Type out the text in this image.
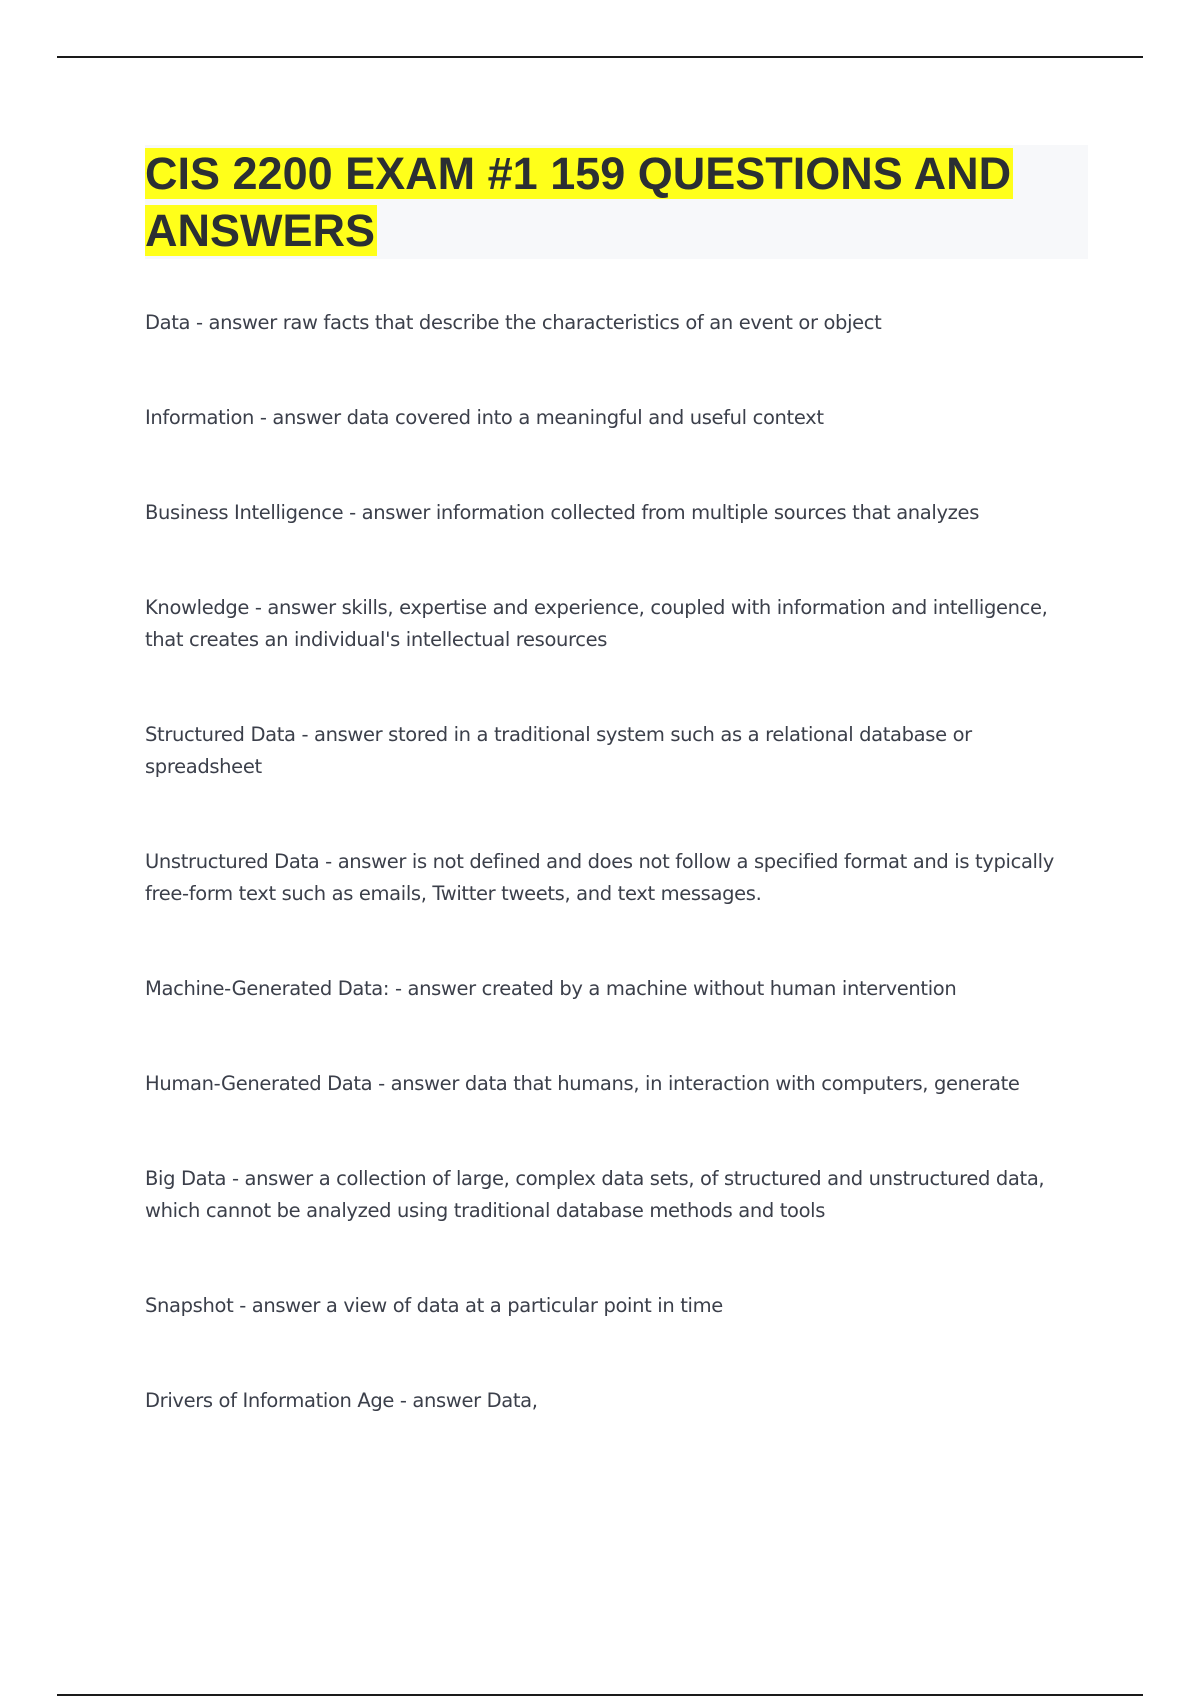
CIS 2200 EXAM #1 159 QUESTIONS AND ANSWERS
Data - answer raw facts that describe the characteristics of an event or object
Information - answer data covered into a meaningful and useful context
Business Intelligence - answer information collected from multiple sources that analyzes
Knowledge - answer skills, expertise and experience, coupled with information and intelligence, that creates an individual's intellectual resources
Structured Data - answer stored in a traditional system such as a relational database or spreadsheet
Unstructured Data - answer is not defined and does not follow a specified format and is typically free-form text such as emails, Twitter tweets, and text messages.
Machine-Generated Data: - answer created by a machine without human intervention
Human-Generated Data - answer data that humans, in interaction with computers, generate
Big Data - answer a collection of large, complex data sets, of structured and unstructured data, which cannot be analyzed using traditional database methods and tools
Snapshot - answer a view of data at a particular point in time
Drivers of Information Age - answer Data,
